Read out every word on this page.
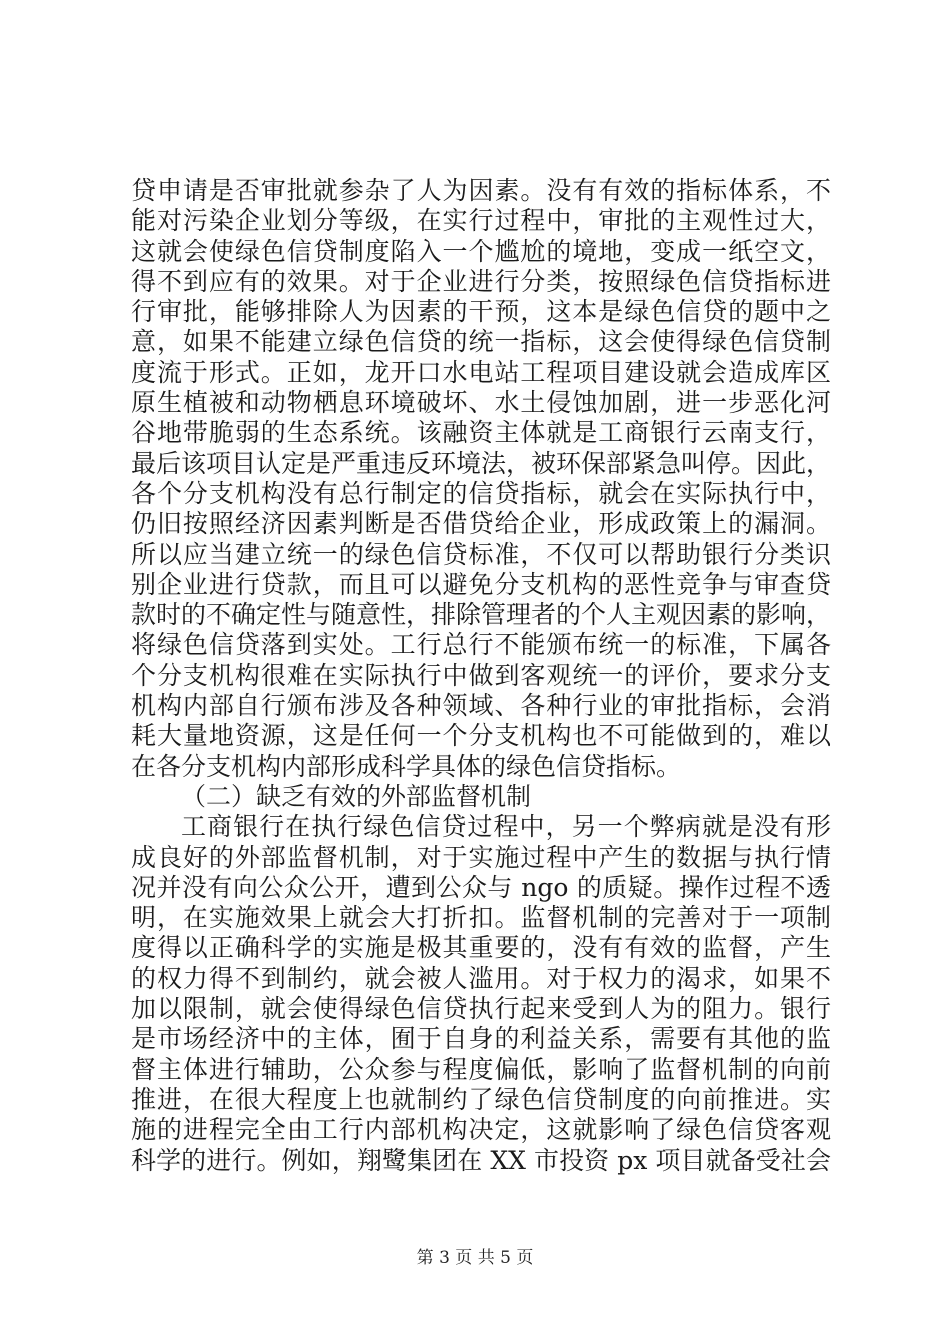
贷申请是否审批就参杂了人为因素。没有有效的指标体系，不
能对污染企业划分等级，在实行过程中，审批的主观性过大，
这就会使绿色信贷制度陷入一个尴尬的境地，变成一纸空文，
得不到应有的效果。对于企业进行分类，按照绿色信贷指标进
行审批，能够排除人为因素的干预，这本是绿色信贷的题中之
意，如果不能建立绿色信贷的统一指标，这会使得绿色信贷制
度流于形式。正如，龙开口水电站工程项目建设就会造成库区
原生植被和动物栖息环境破坏、水土侵蚀加剧，进一步恶化河
谷地带脆弱的生态系统。该融资主体就是工商银行云南支行，
最后该项目认定是严重违反环境法，被环保部紧急叫停。因此，
各个分支机构没有总行制定的信贷指标，就会在实际执行中，
仍旧按照经济因素判断是否借贷给企业，形成政策上的漏洞。
所以应当建立统一的绿色信贷标准，不仅可以帮助银行分类识
别企业进行贷款，而且可以避免分支机构的恶性竞争与审查贷
款时的不确定性与随意性，排除管理者的个人主观因素的影响，
将绿色信贷落到实处。工行总行不能颁布统一的标准，下属各
个分支机构很难在实际执行中做到客观统一的评价，要求分支
机构内部自行颁布涉及各种领域、各种行业的审批指标，会消
耗大量地资源，这是任何一个分支机构也不可能做到的，难以
在各分支机构内部形成科学具体的绿色信贷指标。
（二）缺乏有效的外部监督机制
工商银行在执行绿色信贷过程中，另一个弊病就是没有形
成良好的外部监督机制，对于实施过程中产生的数据与执行情
况并没有向公众公开，遭到公众与 ngo 的质疑。操作过程不透
明，在实施效果上就会大打折扣。监督机制的完善对于一项制
度得以正确科学的实施是极其重要的，没有有效的监督，产生
的权力得不到制约，就会被人滥用。对于权力的渴求，如果不
加以限制，就会使得绿色信贷执行起来受到人为的阻力。银行
是市场经济中的主体，囿于自身的利益关系，需要有其他的监
督主体进行辅助，公众参与程度偏低，影响了监督机制的向前
推进，在很大程度上也就制约了绿色信贷制度的向前推进。实
施的进程完全由工行内部机构决定，这就影响了绿色信贷客观
科学的进行。例如，翔鹭集团在 XX 市投资 px 项目就备受社会
第 3 页 共 5 页
